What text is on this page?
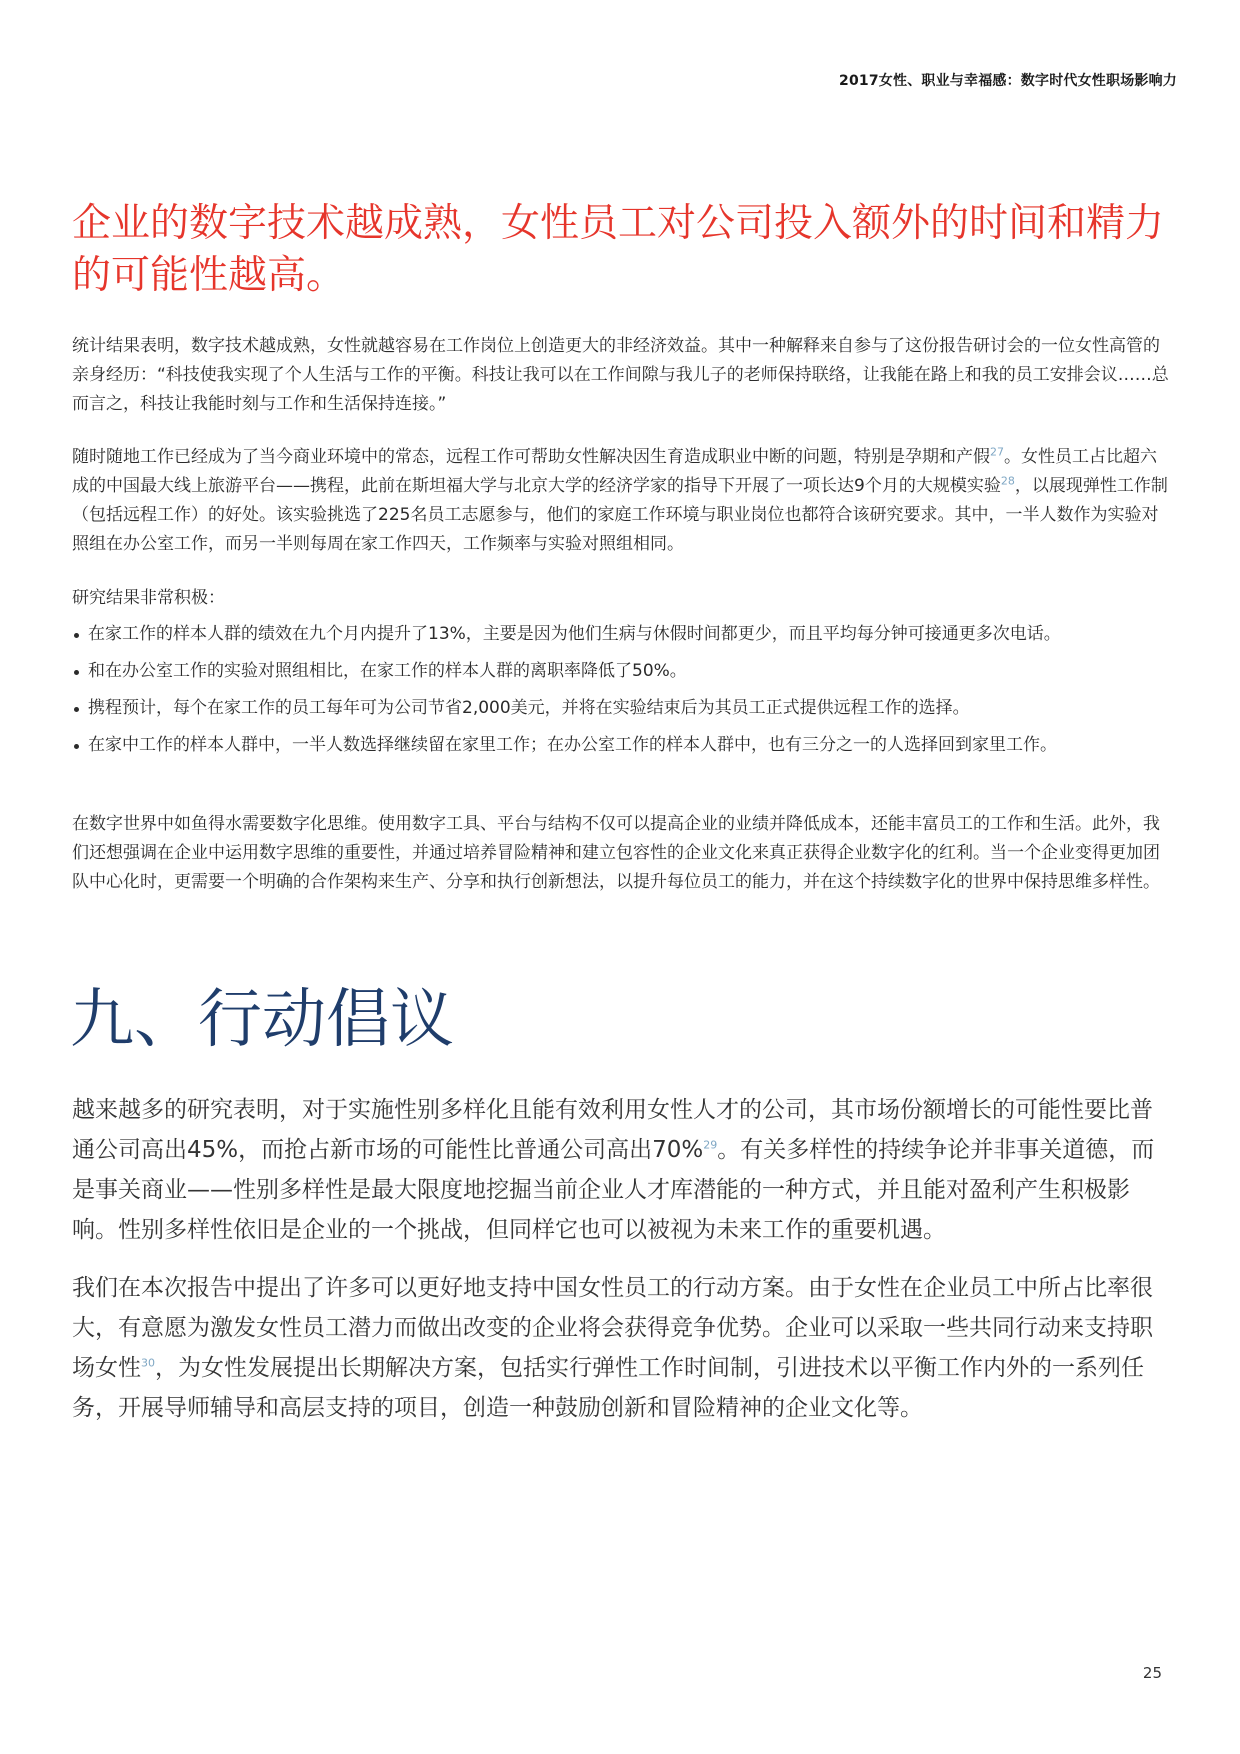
2017女性、职业与幸福感：数字时代女性职场影响力
企业的数字技术越成熟，女性员工对公司投入额外的时间和精力的可能性越高。

统计结果表明，数字技术越成熟，女性就越容易在工作岗位上创造更大的非经济效益。其中一种解释来自参与了这份报告研讨会的一位女性高管的亲身经历：“科技使我实现了个人生活与工作的平衡。科技让我可以在工作间隙与我儿子的老师保持联络，让我能在路上和我的员工安排会议……总而言之，科技让我能时刻与工作和生活保持连接。”

随时随地工作已经成为了当今商业环境中的常态，远程工作可帮助女性解决因生育造成职业中断的问题，特别是孕期和产假$^{27}$。女性员工占比超六成的中国最大线上旅游平台——携程，此前在斯坦福大学与北京大学的经济学家的指导下开展了一项长达9个月的大规模实验$^{28}$，以展现弹性工作制（包括远程工作）的好处。该实验挑选了225名员工志愿参与，他们的家庭工作环境与职业岗位也都符合该研究要求。其中，一半人数作为实验对照组在办公室工作，而另一半则每周在家工作四天，工作频率与实验对照组相同。

研究结果非常积极：

在家工作的样本人群的绩效在九个月内提升了13%，主要是因为他们生病与休假时间都更少，而且平均每分钟可接通更多次电话。
和在办公室工作的实验对照组相比，在家工作的样本人群的离职率降低了50%。
携程预计，每个在家工作的员工每年可为公司节省2,000美元，并将在实验结束后为其员工正式提供远程工作的选择。
在家中工作的样本人群中，一半人数选择继续留在家里工作；在办公室工作的样本人群中，也有三分之一的人选择回到家里工作。

在数字世界中如鱼得水需要数字化思维。使用数字工具、平台与结构不仅可以提高企业的业绩并降低成本，还能丰富员工的工作和生活。此外，我们还想强调在企业中运用数字思维的重要性，并通过培养冒险精神和建立包容性的企业文化来真正获得企业数字化的红利。当一个企业变得更加团队中心化时，更需要一个明确的合作架构来生产、分享和执行创新想法，以提升每位员工的能力，并在这个持续数字化的世界中保持思维多样性。

九、行动倡议

越来越多的研究表明，对于实施性别多样化且能有效利用女性人才的公司，其市场份额增长的可能性要比普通公司高出45%，而抢占新市场的可能性比普通公司高出70%$^{29}$。有关多样性的持续争论并非事关道德，而是事关商业——性别多样性是最大限度地挖掘当前企业人才库潜能的一种方式，并且能对盈利产生积极影响。性别多样性依旧是企业的一个挑战，但同样它也可以被视为未来工作的重要机遇。

我们在本次报告中提出了许多可以更好地支持中国女性员工的行动方案。由于女性在企业员工中所占比率很大，有意愿为激发女性员工潜力而做出改变的企业将会获得竞争优势。企业可以采取一些共同行动来支持职场女性$^{30}$，为女性发展提出长期解决方案，包括实行弹性工作时间制，引进技术以平衡工作内外的一系列任务，开展导师辅导和高层支持的项目，创造一种鼓励创新和冒险精神的企业文化等。

25
